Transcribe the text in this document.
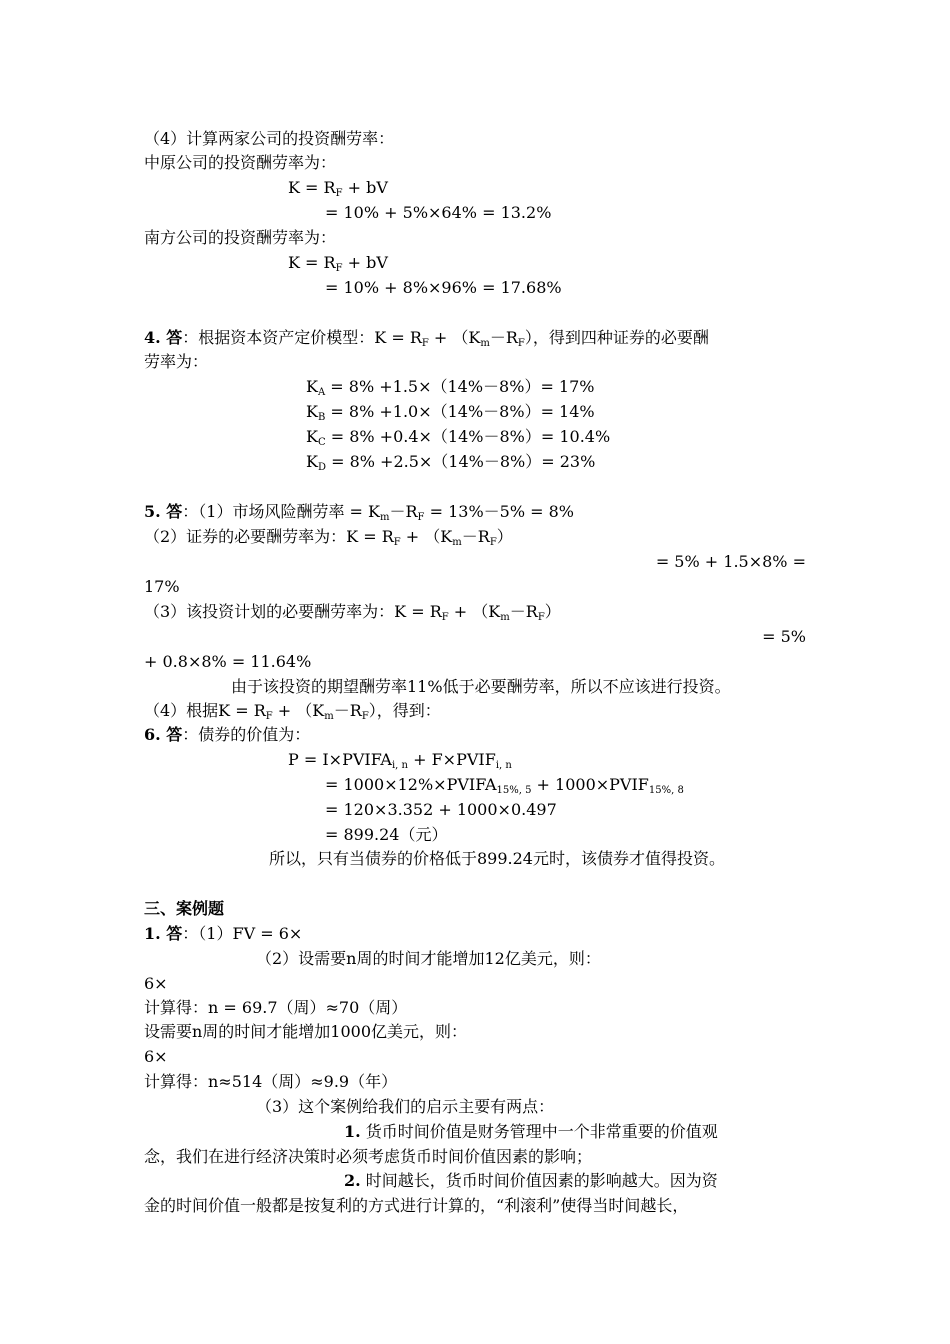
（4）计算两家公司的投资酬劳率：
中原公司的投资酬劳率为：
$K = R_F$ + bV
= 10% + 5%×64% = 13.2%
南方公司的投资酬劳率为：
$K = R_F$ + bV
= 10% + 8%×96% = 17.68%
4. 答：根据资本资产定价模型：$K = R_F + (K_m-R_F)$，得到四种证券的必要酬
劳率为：
$K_A = 8\% +1.5\times(14\%-8\%)= 17\%$
$K_B = 8\% +1.0\times(14\%-8\%)= 14\%$
$K_C = 8\% +0.4\times(14\%-8\%)= 10.4\%$
$K_D = 8\% +2.5\times(14\%-8\%)= 23\%$
5. 答：（1）市场风险酬劳率 = $K_m-R_F = 13\%-5\% = 8\%$
（2）证券的必要酬劳率为：$K = R_F + (K_m-R_F)$
= 5% + 1.5×8% =
17%
（3）该投资计划的必要酬劳率为：$K = R_F + (K_m-R_F)$
= 5%
+ 0.8×8% = 11.64%
由于该投资的期望酬劳率11%低于必要酬劳率，所以不应该进行投资。
（4）根据$K = R_F + (K_m-R_F)$，得到：
6. 答：债券的价值为：
$P = I\times PVIFA_{i, n}$ + $F\times PVIF_{i, n}$
= $1000\times 12\%\times PVIFA_{15\%, 5}$ + $1000\times PVIF_{15\%, 8}$
= 120×3.352 + 1000×0.497
= 899.24（元）
所以，只有当债券的价格低于899.24元时，该债券才值得投资。
三、案例题
1. 答：（1）FV = 6×
（2）设需要n周的时间才能增加12亿美元，则：
6×
计算得：n = 69.7（周）≈70（周）
设需要n周的时间才能增加1000亿美元，则：
6×
计算得：n≈514（周）≈9.9（年）
（3）这个案例给我们的启示主要有两点：
1. 货币时间价值是财务管理中一个非常重要的价值观
念，我们在进行经济决策时必须考虑货币时间价值因素的影响；
2. 时间越长，货币时间价值因素的影响越大。因为资
金的时间价值一般都是按复利的方式进行计算的，“利滚利”使得当时间越长，
